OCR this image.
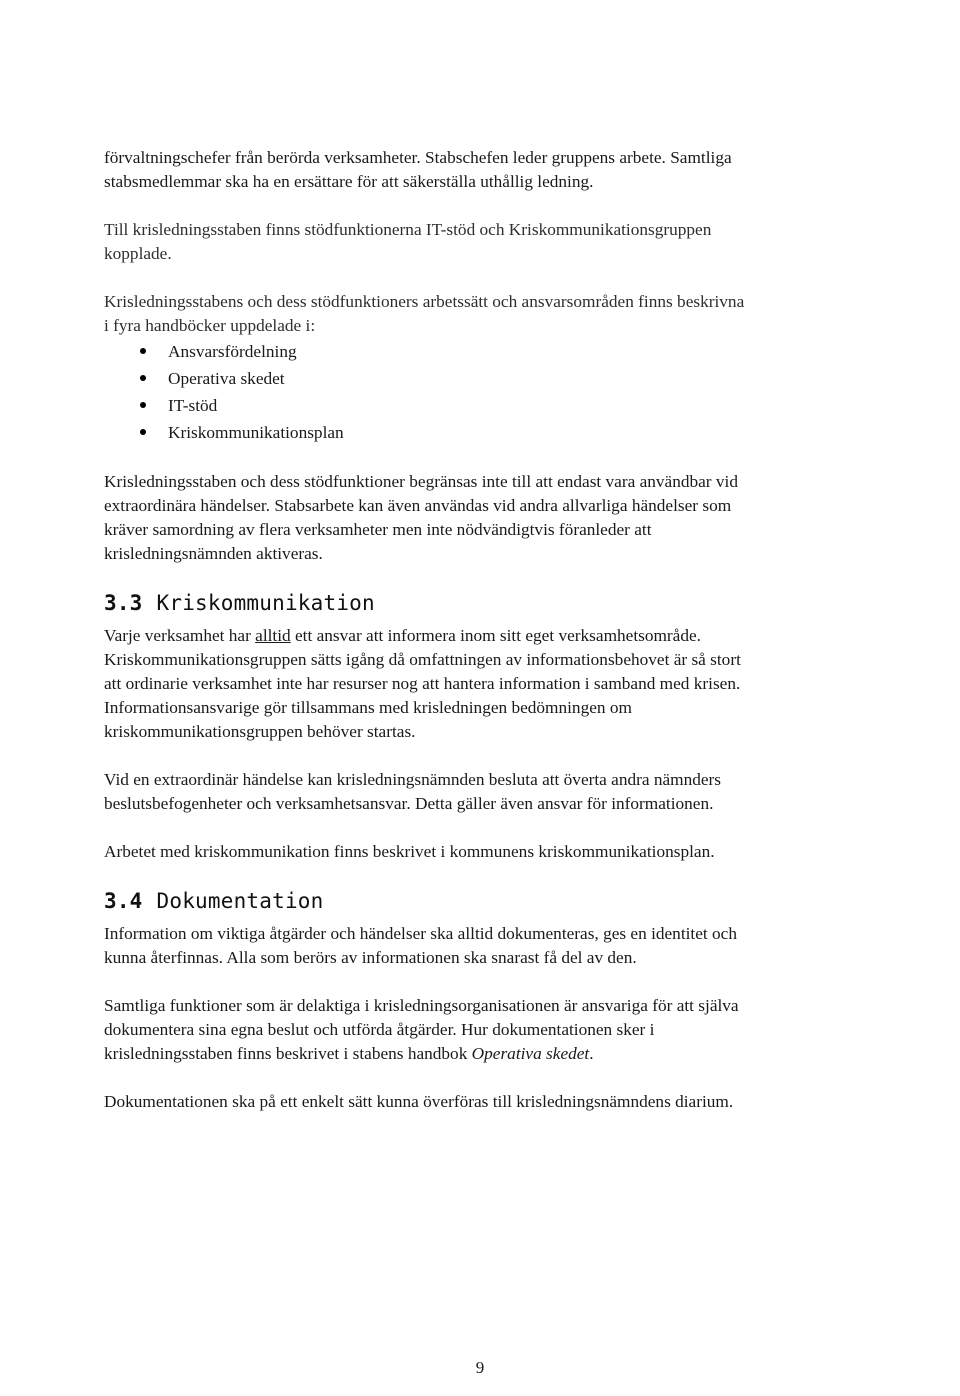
förvaltningschefer från berörda verksamheter. Stabschefen leder gruppens arbete. Samtliga
stabsmedlemmar ska ha en ersättare för att säkerställa uthållig ledning.

Till krisledningsstaben finns stödfunktionerna IT-stöd och Kriskommunikationsgruppen
kopplade.

Krisledningsstabens och dess stödfunktioners arbetssätt och ansvarsområden finns beskrivna
i fyra handböcker uppdelade i:

Ansvarsfördelning
Operativa skedet
IT-stöd
Kriskommunikationsplan

Krisledningsstaben och dess stödfunktioner begränsas inte till att endast vara användbar vid
extraordinära händelser. Stabsarbete kan även användas vid andra allvarliga händelser som
kräver samordning av flera verksamheter men inte nödvändigtvis föranleder att
krisledningsnämnden aktiveras.

3.3 Kriskommunikation

Varje verksamhet har alltid ett ansvar att informera inom sitt eget verksamhetsområde.
Kriskommunikationsgruppen sätts igång då omfattningen av informationsbehovet är så stort
att ordinarie verksamhet inte har resurser nog att hantera information i samband med krisen.
Informationsansvarige gör tillsammans med krisledningen bedömningen om
kriskommunikationsgruppen behöver startas.

Vid en extraordinär händelse kan krisledningsnämnden besluta att överta andra nämnders
beslutsbefogenheter och verksamhetsansvar. Detta gäller även ansvar för informationen.

Arbetet med kriskommunikation finns beskrivet i kommunens kriskommunikationsplan.

3.4 Dokumentation

Information om viktiga åtgärder och händelser ska alltid dokumenteras, ges en identitet och
kunna återfinnas. Alla som berörs av informationen ska snarast få del av den.

Samtliga funktioner som är delaktiga i krisledningsorganisationen är ansvariga för att själva
dokumentera sina egna beslut och utförda åtgärder. Hur dokumentationen sker i
krisledningsstaben finns beskrivet i stabens handbok Operativa skedet.

Dokumentationen ska på ett enkelt sätt kunna överföras till krisledningsnämndens diarium.

9
